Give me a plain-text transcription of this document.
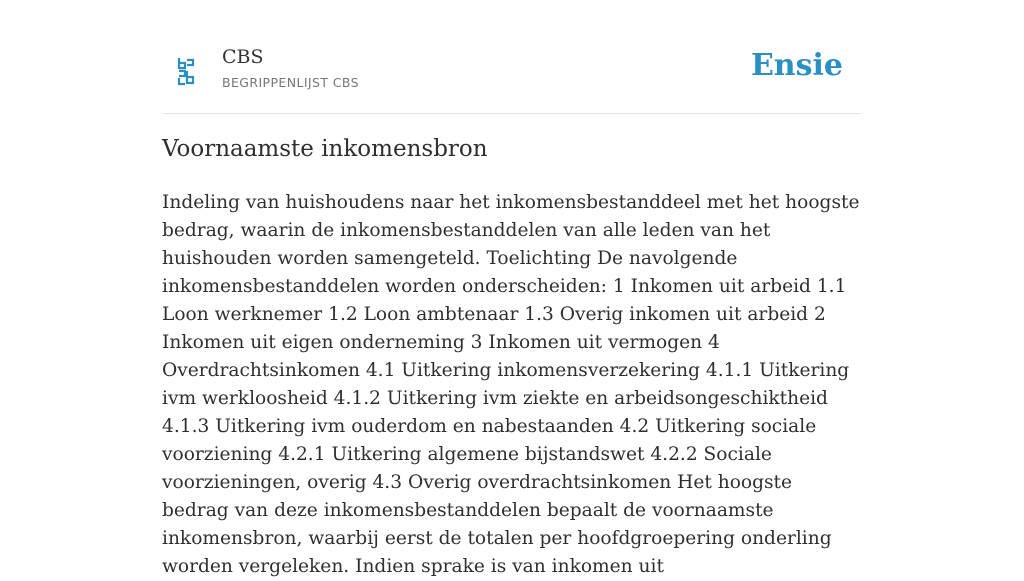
CBS
BEGRIPPENLIJST CBS	Ensie
Voornaamste inkomensbron

Indeling van huishoudens naar het inkomensbestanddeel met het hoogste bedrag, waarin de inkomensbestanddelen van alle leden van het huishouden worden samengeteld. Toelichting De navolgende inkomensbestanddelen worden onderscheiden: 1 Inkomen uit arbeid 1.1 Loon werknemer 1.2 Loon ambtenaar 1.3 Overig inkomen uit arbeid 2 Inkomen uit eigen onderneming 3 Inkomen uit vermogen 4 Overdrachtsinkomen 4.1 Uitkering inkomensverzekering 4.1.1 Uitkering ivm werkloosheid 4.1.2 Uitkering ivm ziekte en arbeidsongeschiktheid 4.1.3 Uitkering ivm ouderdom en nabestaanden 4.2 Uitkering sociale voorziening 4.2.1 Uitkering algemene bijstandswet 4.2.2 Sociale voorzieningen, overig 4.3 Overig overdrachtsinkomen Het hoogste bedrag van deze inkomensbestanddelen bepaalt de voornaamste inkomensbron, waarbij eerst de totalen per hoofdgroepering onderling worden vergeleken. Indien sprake is van inkomen uit
